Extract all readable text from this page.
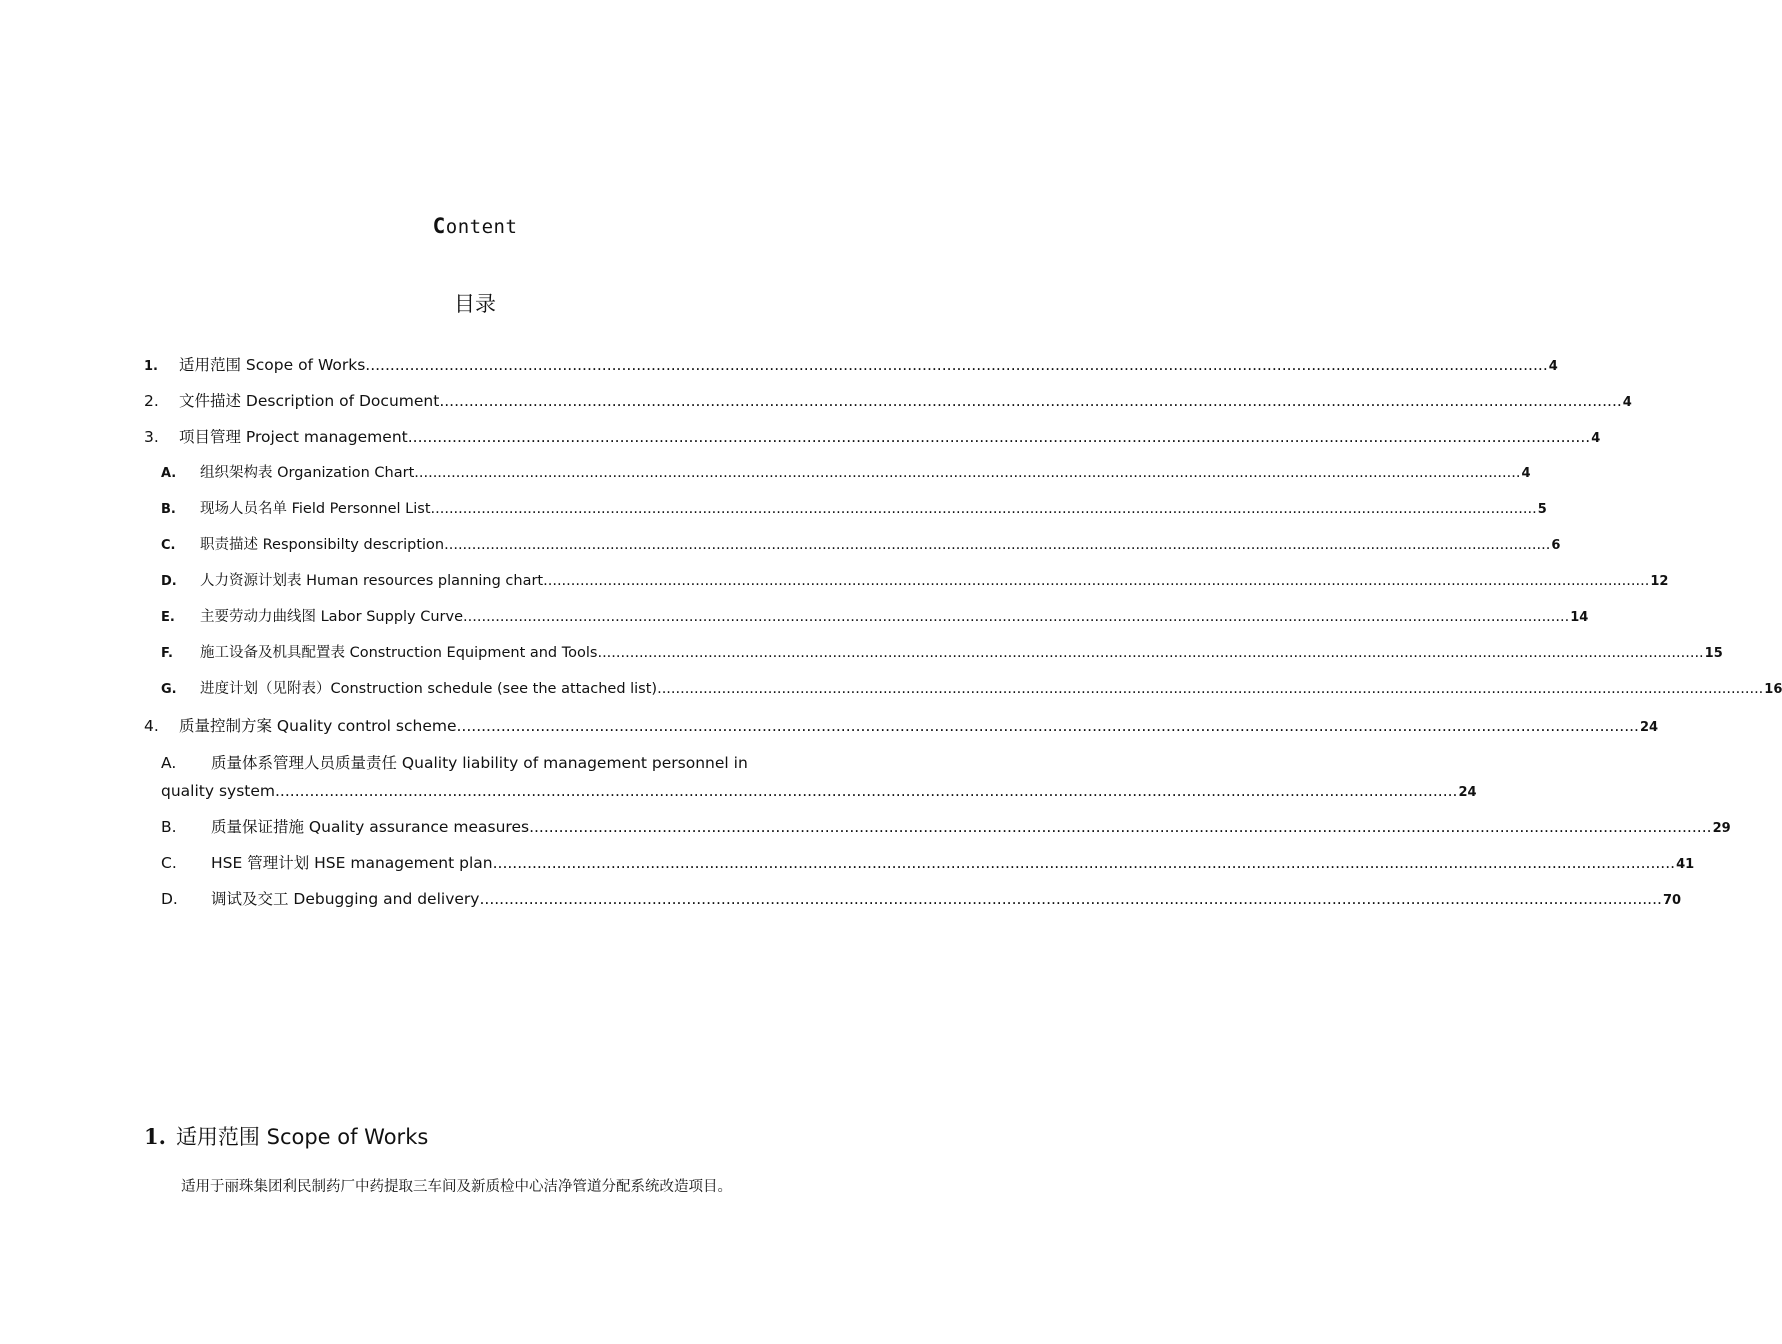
Content
目录
1.	适用范围 Scope of Works .....	4
2.	文件描述 Description of Document .....	4
3.	项目管理 Project management .....	4
A.	组织架构表 Organization Chart .....	4
B.	现场人员名单 Field Personnel List .....	5
C.	职责描述 Responsibilty description .....	6
D.	人力资源计划表 Human resources planning chart .....	12
E.	主要劳动力曲线图 Labor Supply Curve .....	14
F.	施工设备及机具配置表 Construction Equipment and Tools .....	15
G.	进度计划（见附表）Construction schedule (see the attached list) .....	16
4.	质量控制方案 Quality control scheme .....	24
A.	质量体系管理人员质量责任 Quality liability of management personnel in
quality system .....	24
B.	质量保证措施 Quality assurance measures .....	29
C.	HSE 管理计划 HSE management plan .....	41
D.	调试及交工 Debugging and delivery .....	70
1. 适用范围 Scope of Works
适用于丽珠集团利民制药厂中药提取三车间及新质检中心洁净管道分配系统改造项目。
